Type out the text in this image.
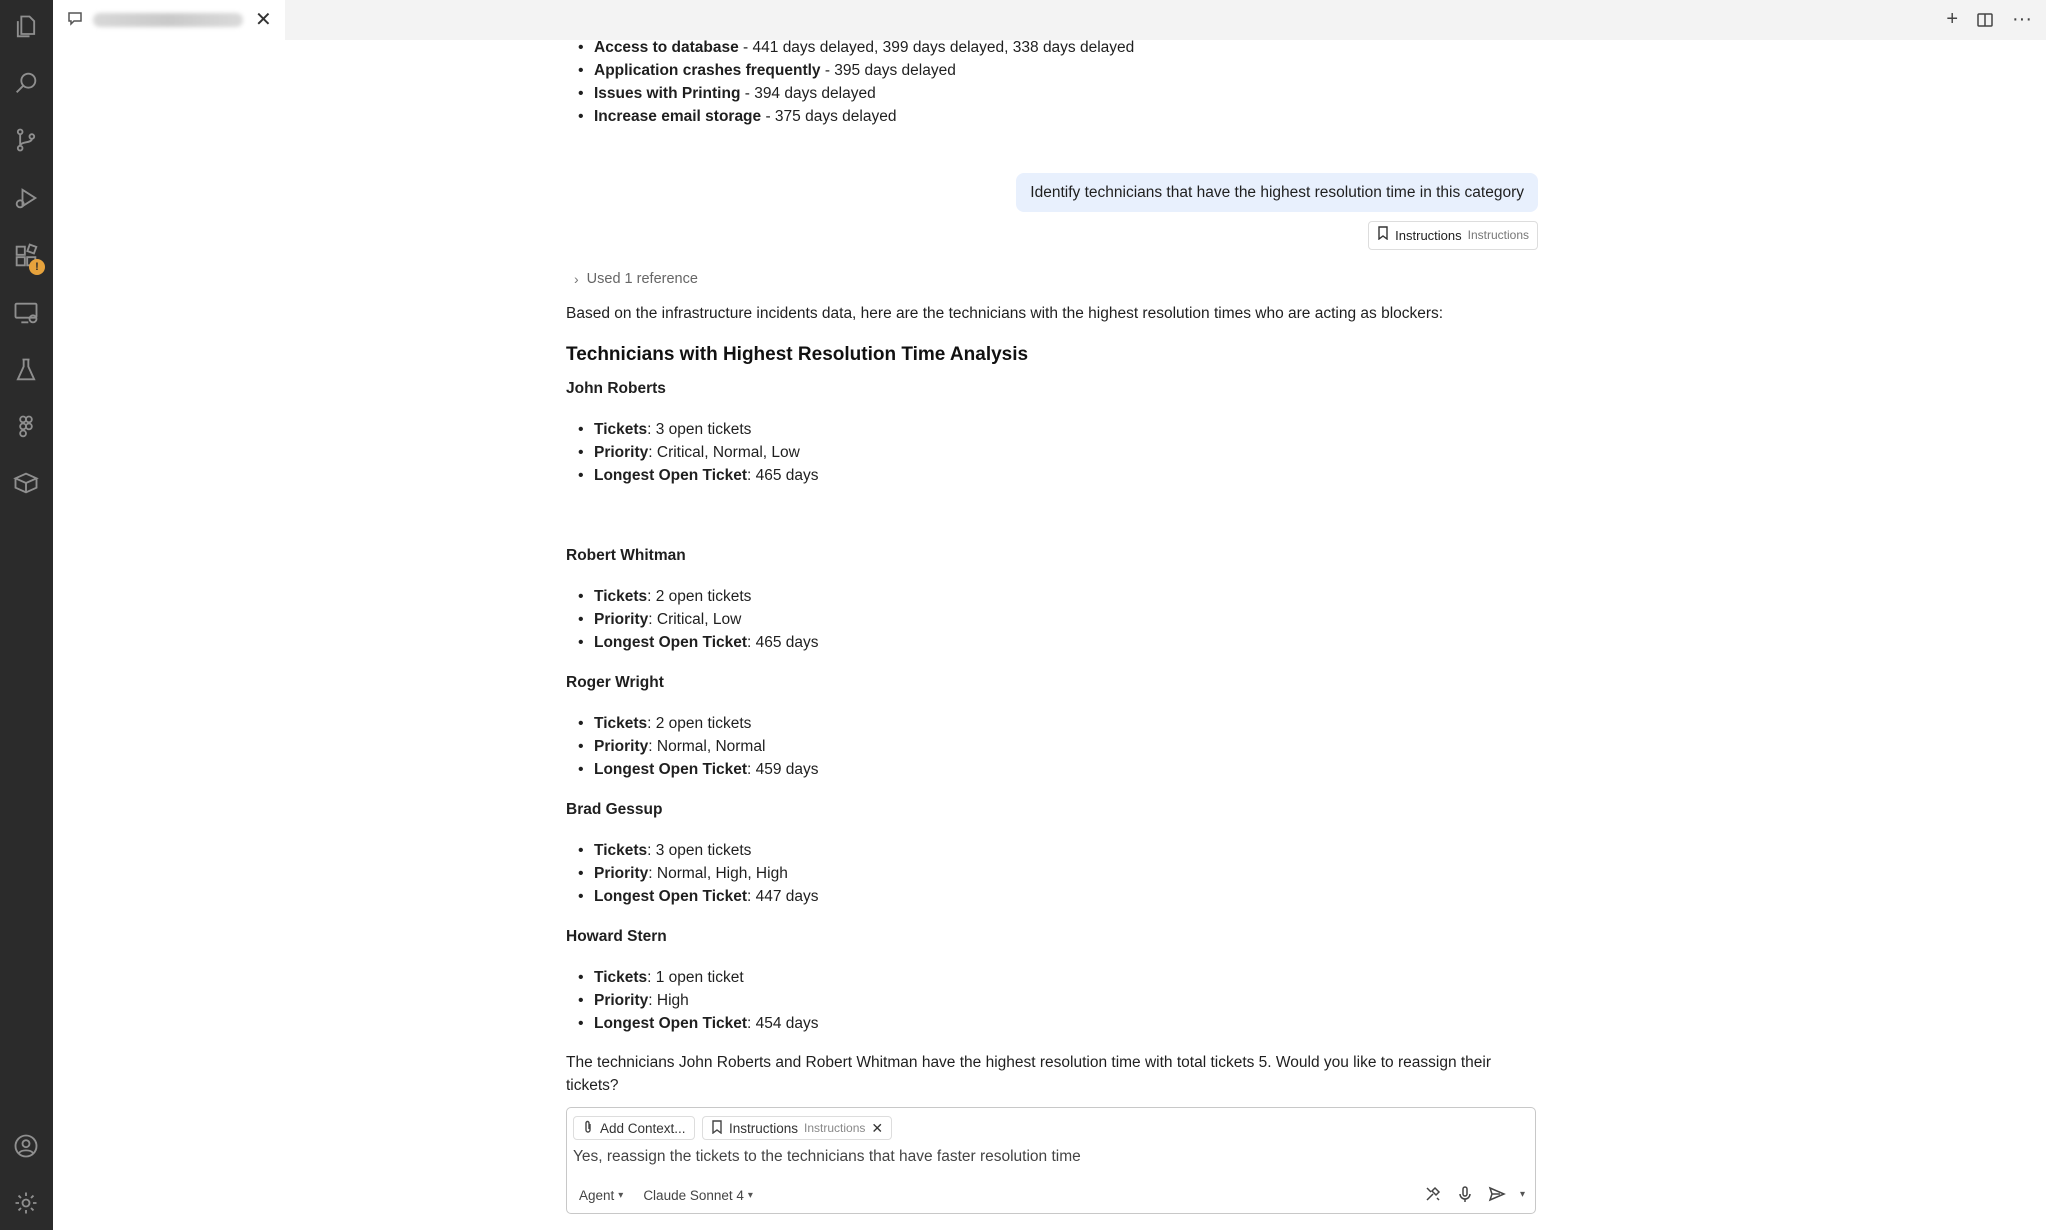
!
✕	+	···
• Access to database - 441 days delayed, 399 days delayed, 338 days delayed
• Application crashes frequently - 395 days delayed
• Issues with Printing - 394 days delayed
• Increase email storage - 375 days delayed
Identify technicians that have the highest resolution time in this category
Instructions Instructions
› Used 1 reference
Based on the infrastructure incidents data, here are the technicians with the highest resolution times who are acting as blockers:
Technicians with Highest Resolution Time Analysis
John Roberts
• Tickets: 3 open tickets
• Priority: Critical, Normal, Low
• Longest Open Ticket: 465 days
Robert Whitman
• Tickets: 2 open tickets
• Priority: Critical, Low
• Longest Open Ticket: 465 days
Roger Wright
• Tickets: 2 open tickets
• Priority: Normal, Normal
• Longest Open Ticket: 459 days
Brad Gessup
• Tickets: 3 open tickets
• Priority: Normal, High, High
• Longest Open Ticket: 447 days
Howard Stern
• Tickets: 1 open ticket
• Priority: High
• Longest Open Ticket: 454 days
The technicians John Roberts and Robert Whitman have the highest resolution time with total tickets 5. Would you like to reassign their tickets?
Add Context...	Instructions Instructions ✕
Yes, reassign the tickets to the technicians that have faster resolution time
Agent ▾ Claude Sonnet 4 ▾	▾
